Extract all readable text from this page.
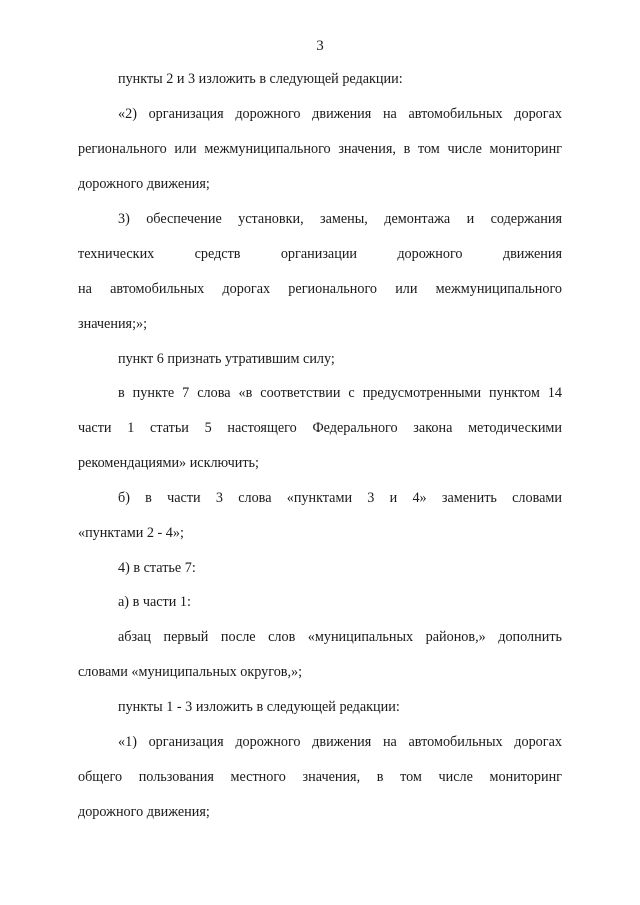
3
пункты 2 и 3 изложить в следующей редакции:
«2) организация дорожного движения на автомобильных дорогах
регионального или межмуниципального значения, в том числе мониторинг
дорожного движения;
3) обеспечение установки, замены, демонтажа и содержания
технических средств организации дорожного движения
на автомобильных дорогах регионального или межмуниципального
значения;»;
пункт 6 признать утратившим силу;
в пункте 7 слова «в соответствии с предусмотренными пунктом 14
части 1 статьи 5 настоящего Федерального закона методическими
рекомендациями» исключить;
б) в части 3 слова «пунктами 3 и 4» заменить словами
«пунктами 2 - 4»;
4) в статье 7:
а) в части 1:
абзац первый после слов «муниципальных районов,» дополнить
словами «муниципальных округов,»;
пункты 1 - 3 изложить в следующей редакции:
«1) организация дорожного движения на автомобильных дорогах
общего пользования местного значения, в том числе мониторинг
дорожного движения;
